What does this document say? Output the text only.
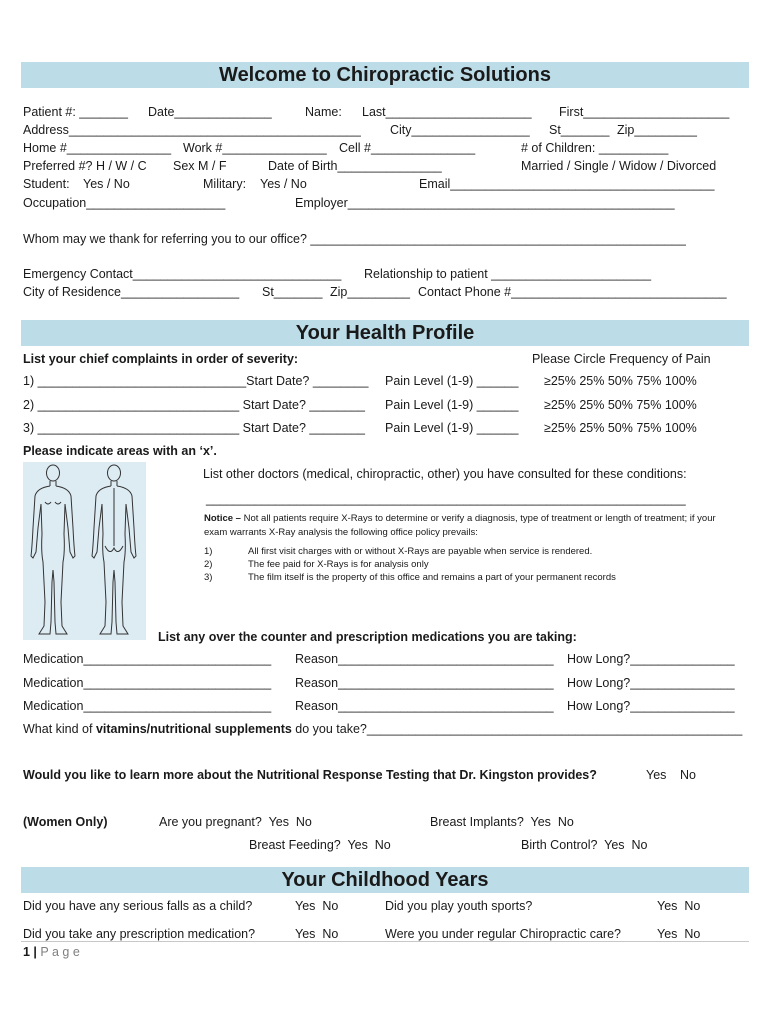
Welcome to Chiropractic Solutions
Patient #: _______ Date______________	Name: Last_____________________ First_____________________
Address__________________________________________ City_________________ St_______ Zip_________
Home #_______________ Work #_______________ Cell #_______________	# of Children: __________
Preferred #? H / W / C Sex M / F	Date of Birth_______________	Married / Single / Widow / Divorced
Student: Yes / No	Military: Yes / No	Email______________________________________
Occupation____________________	Employer_______________________________________________
Whom may we thank for referring you to our office? ______________________________________________________
Emergency Contact______________________________ Relationship to patient _______________________
City of Residence_________________ St_______ Zip_________ Contact Phone #_______________________________
Your Health Profile
List your chief complaints in order of severity:	Please Circle Frequency of Pain
1) ______________________________Start Date? ________ Pain Level (1-9) ______ ≥25% 25% 50% 75% 100%
2) _____________________________ Start Date? ________ Pain Level (1-9) ______ ≥25% 25% 50% 75% 100%
3) _____________________________ Start Date? ________ Pain Level (1-9) ______ ≥25% 25% 50% 75% 100%
Please indicate areas with an ‘x’.
List other doctors (medical, chiropractic, other) you have consulted for these conditions:
_____________________________________________________________________
Notice – Not all patients require X-Rays to determine or verify a diagnosis, type of treatment or length of treatment; if your
exam warrants X-Ray analysis the following office policy prevails:
1)	All first visit charges with or without X-Rays are payable when service is rendered.
2)	The fee paid for X-Rays is for analysis only
3)	The film itself is the property of this office and remains a part of your permanent records
List any over the counter and prescription medications you are taking:
Medication___________________________ Reason_______________________________ How Long?_______________
Medication___________________________ Reason_______________________________ How Long?_______________
Medication___________________________ Reason_______________________________ How Long?_______________
What kind of vitamins/nutritional supplements do you take?______________________________________________________
Would you like to learn more about the Nutritional Response Testing that Dr. Kingston provides?	Yes No
(Women Only)	Are you pregnant?  Yes  No	Breast Implants?  Yes  No
Breast Feeding?  Yes  No	Birth Control?  Yes  No
Your Childhood Years
Did you have any serious falls as a child?	Yes  No	Did you play youth sports?	Yes  No
Did you take any prescription medication?	Yes  No	Were you under regular Chiropractic care?	Yes  No
1 | P a g e
